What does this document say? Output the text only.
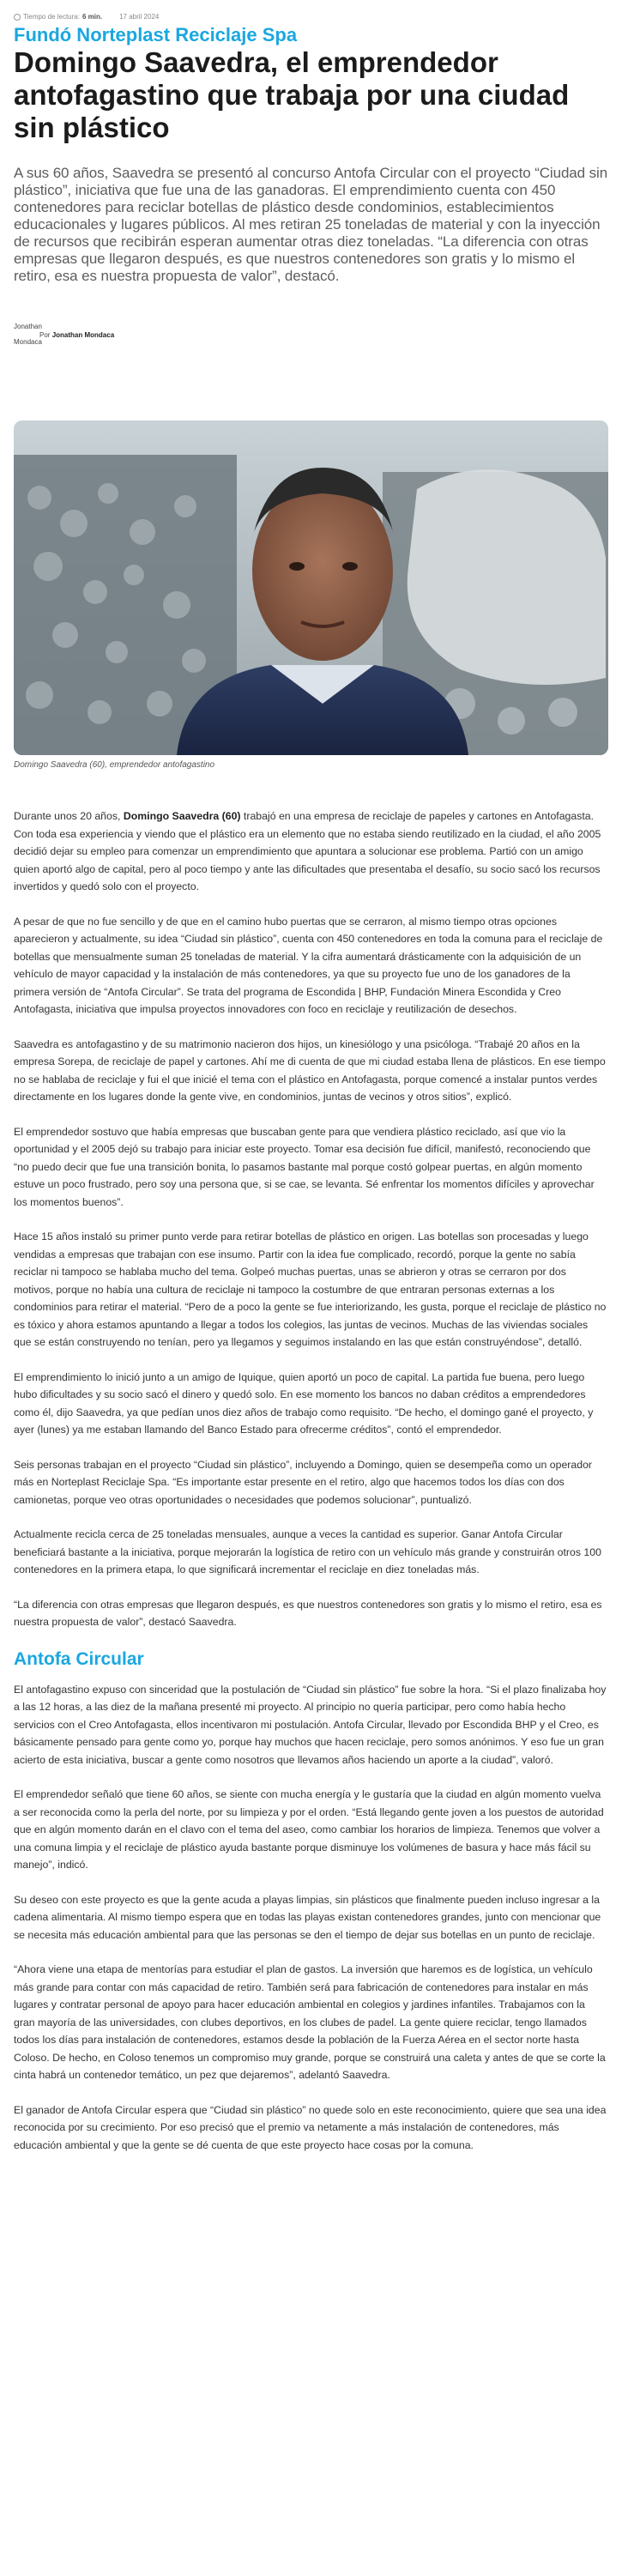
Tiempo de lectura: 6 min.	17 abril 2024
Fundó Norteplast Reciclaje Spa
Domingo Saavedra, el emprendedor antofagastino que trabaja por una ciudad sin plástico

A sus 60 años, Saavedra se presentó al concurso Antofa Circular con el proyecto “Ciudad sin plástico”, iniciativa que fue una de las ganadoras. El emprendimiento cuenta con 450 contenedores para reciclar botellas de plástico desde condominios, establecimientos educacionales y lugares públicos. Al mes retiran 25 toneladas de material y con la inyección de recursos que recibirán esperan aumentar otras diez toneladas. “La diferencia con otras empresas que llegaron después, es que nuestros contenedores son gratis y lo mismo el retiro, esa es nuestra propuesta de valor”, destacó.

Jonathan
Mondaca
Por Jonathan Mondaca
Domingo Saavedra (60), emprendedor antofagastino

Durante unos 20 años, Domingo Saavedra (60) trabajó en una empresa de reciclaje de papeles y cartones en Antofagasta. Con toda esa experiencia y viendo que el plástico era un elemento que no estaba siendo reutilizado en la ciudad, el año 2005 decidió dejar su empleo para comenzar un emprendimiento que apuntara a solucionar ese problema. Partió con un amigo quien aportó algo de capital, pero al poco tiempo y ante las dificultades que presentaba el desafío, su socio sacó los recursos invertidos y quedó solo con el proyecto.

A pesar de que no fue sencillo y de que en el camino hubo puertas que se cerraron, al mismo tiempo otras opciones aparecieron y actualmente, su idea “Ciudad sin plástico”, cuenta con 450 contenedores en toda la comuna para el reciclaje de botellas que mensualmente suman 25 toneladas de material. Y la cifra aumentará drásticamente con la adquisición de un vehículo de mayor capacidad y la instalación de más contenedores, ya que su proyecto fue uno de los ganadores de la primera versión de “Antofa Circular”. Se trata del programa de Escondida | BHP, Fundación Minera Escondida y Creo Antofagasta, iniciativa que impulsa proyectos innovadores con foco en reciclaje y reutilización de desechos.

Saavedra es antofagastino y de su matrimonio nacieron dos hijos, un kinesiólogo y una psicóloga. “Trabajé 20 años en la empresa Sorepa, de reciclaje de papel y cartones. Ahí me di cuenta de que mi ciudad estaba llena de plásticos. En ese tiempo no se hablaba de reciclaje y fui el que inicié el tema con el plástico en Antofagasta, porque comencé a instalar puntos verdes directamente en los lugares donde la gente vive, en condominios, juntas de vecinos y otros sitios”, explicó.

El emprendedor sostuvo que había empresas que buscaban gente para que vendiera plástico reciclado, así que vio la oportunidad y el 2005 dejó su trabajo para iniciar este proyecto. Tomar esa decisión fue difícil, manifestó, reconociendo que “no puedo decir que fue una transición bonita, lo pasamos bastante mal porque costó golpear puertas, en algún momento estuve un poco frustrado, pero soy una persona que, si se cae, se levanta. Sé enfrentar los momentos difíciles y aprovechar los momentos buenos”.

Hace 15 años instaló su primer punto verde para retirar botellas de plástico en origen. Las botellas son procesadas y luego vendidas a empresas que trabajan con ese insumo. Partir con la idea fue complicado, recordó, porque la gente no sabía reciclar ni tampoco se hablaba mucho del tema. Golpeó muchas puertas, unas se abrieron y otras se cerraron por dos motivos, porque no había una cultura de reciclaje ni tampoco la costumbre de que entraran personas externas a los condominios para retirar el material. “Pero de a poco la gente se fue interiorizando, les gusta, porque el reciclaje de plástico no es tóxico y ahora estamos apuntando a llegar a todos los colegios, las juntas de vecinos. Muchas de las viviendas sociales que se están construyendo no tenían, pero ya llegamos y seguimos instalando en las que están construyéndose”, detalló.

El emprendimiento lo inició junto a un amigo de Iquique, quien aportó un poco de capital. La partida fue buena, pero luego hubo dificultades y su socio sacó el dinero y quedó solo. En ese momento los bancos no daban créditos a emprendedores como él, dijo Saavedra, ya que pedían unos diez años de trabajo como requisito. “De hecho, el domingo gané el proyecto, y ayer (lunes) ya me estaban llamando del Banco Estado para ofrecerme créditos”, contó el emprendedor.

Seis personas trabajan en el proyecto “Ciudad sin plástico”, incluyendo a Domingo, quien se desempeña como un operador más en Norteplast Reciclaje Spa. “Es importante estar presente en el retiro, algo que hacemos todos los días con dos camionetas, porque veo otras oportunidades o necesidades que podemos solucionar”, puntualizó.

Actualmente recicla cerca de 25 toneladas mensuales, aunque a veces la cantidad es superior. Ganar Antofa Circular beneficiará bastante a la iniciativa, porque mejorarán la logística de retiro con un vehículo más grande y construirán otros 100 contenedores en la primera etapa, lo que significará incrementar el reciclaje en diez toneladas más.

“La diferencia con otras empresas que llegaron después, es que nuestros contenedores son gratis y lo mismo el retiro, esa es nuestra propuesta de valor”, destacó Saavedra.

Antofa Circular

El antofagastino expuso con sinceridad que la postulación de “Ciudad sin plástico” fue sobre la hora. “Si el plazo finalizaba hoy a las 12 horas, a las diez de la mañana presenté mi proyecto. Al principio no quería participar, pero como había hecho servicios con el Creo Antofagasta, ellos incentivaron mi postulación. Antofa Circular, llevado por Escondida BHP y el Creo, es básicamente pensado para gente como yo, porque hay muchos que hacen reciclaje, pero somos anónimos. Y eso fue un gran acierto de esta iniciativa, buscar a gente como nosotros que llevamos años haciendo un aporte a la ciudad”, valoró.

El emprendedor señaló que tiene 60 años, se siente con mucha energía y le gustaría que la ciudad en algún momento vuelva a ser reconocida como la perla del norte, por su limpieza y por el orden. “Está llegando gente joven a los puestos de autoridad que en algún momento darán en el clavo con el tema del aseo, como cambiar los horarios de limpieza. Tenemos que volver a una comuna limpia y el reciclaje de plástico ayuda bastante porque disminuye los volúmenes de basura y hace más fácil su manejo”, indicó.

Su deseo con este proyecto es que la gente acuda a playas limpias, sin plásticos que finalmente pueden incluso ingresar a la cadena alimentaria. Al mismo tiempo espera que en todas las playas existan contenedores grandes, junto con mencionar que se necesita más educación ambiental para que las personas se den el tiempo de dejar sus botellas en un punto de reciclaje.

“Ahora viene una etapa de mentorías para estudiar el plan de gastos. La inversión que haremos es de logística, un vehículo más grande para contar con más capacidad de retiro. También será para fabricación de contenedores para instalar en más lugares y contratar personal de apoyo para hacer educación ambiental en colegios y jardines infantiles. Trabajamos con la gran mayoría de las universidades, con clubes deportivos, en los clubes de padel. La gente quiere reciclar, tengo llamados todos los días para instalación de contenedores, estamos desde la población de la Fuerza Aérea en el sector norte hasta Coloso. De hecho, en Coloso tenemos un compromiso muy grande, porque se construirá una caleta y antes de que se corte la cinta habrá un contenedor temático, un pez que dejaremos”, adelantó Saavedra.

El ganador de Antofa Circular espera que “Ciudad sin plástico” no quede solo en este reconocimiento, quiere que sea una idea reconocida por su crecimiento. Por eso precisó que el premio va netamente a más instalación de contenedores, más educación ambiental y que la gente se dé cuenta de que este proyecto hace cosas por la comuna.
